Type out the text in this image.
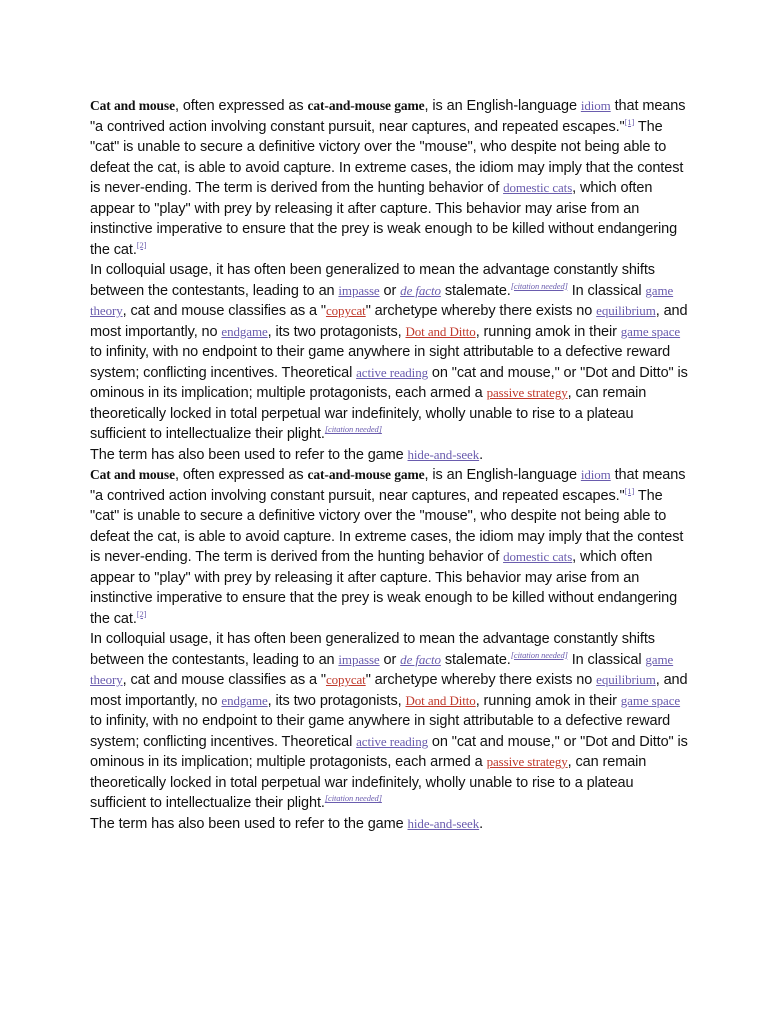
Cat and mouse, often expressed as cat-and-mouse game, is an English-language idiom that means "a contrived action involving constant pursuit, near captures, and repeated escapes."[1] The "cat" is unable to secure a definitive victory over the "mouse", who despite not being able to defeat the cat, is able to avoid capture. In extreme cases, the idiom may imply that the contest is never-ending. The term is derived from the hunting behavior of domestic cats, which often appear to "play" with prey by releasing it after capture. This behavior may arise from an instinctive imperative to ensure that the prey is weak enough to be killed without endangering the cat.[2]

In colloquial usage, it has often been generalized to mean the advantage constantly shifts between the contestants, leading to an impasse or de facto stalemate.[citation needed] In classical game theory, cat and mouse classifies as a "copycat" archetype whereby there exists no equilibrium, and most importantly, no endgame, its two protagonists, Dot and Ditto, running amok in their game space to infinity, with no endpoint to their game anywhere in sight attributable to a defective reward system; conflicting incentives. Theoretical active reading on "cat and mouse," or "Dot and Ditto" is ominous in its implication; multiple protagonists, each armed a passive strategy, can remain theoretically locked in total perpetual war indefinitely, wholly unable to rise to a plateau sufficient to intellectualize their plight.[citation needed]

The term has also been used to refer to the game hide-and-seek.

Cat and mouse, often expressed as cat-and-mouse game, is an English-language idiom that means "a contrived action involving constant pursuit, near captures, and repeated escapes."[1] The "cat" is unable to secure a definitive victory over the "mouse", who despite not being able to defeat the cat, is able to avoid capture. In extreme cases, the idiom may imply that the contest is never-ending. The term is derived from the hunting behavior of domestic cats, which often appear to "play" with prey by releasing it after capture. This behavior may arise from an instinctive imperative to ensure that the prey is weak enough to be killed without endangering the cat.[2]

In colloquial usage, it has often been generalized to mean the advantage constantly shifts between the contestants, leading to an impasse or de facto stalemate.[citation needed] In classical game theory, cat and mouse classifies as a "copycat" archetype whereby there exists no equilibrium, and most importantly, no endgame, its two protagonists, Dot and Ditto, running amok in their game space to infinity, with no endpoint to their game anywhere in sight attributable to a defective reward system; conflicting incentives. Theoretical active reading on "cat and mouse," or "Dot and Ditto" is ominous in its implication; multiple protagonists, each armed a passive strategy, can remain theoretically locked in total perpetual war indefinitely, wholly unable to rise to a plateau sufficient to intellectualize their plight.[citation needed]

The term has also been used to refer to the game hide-and-seek.
